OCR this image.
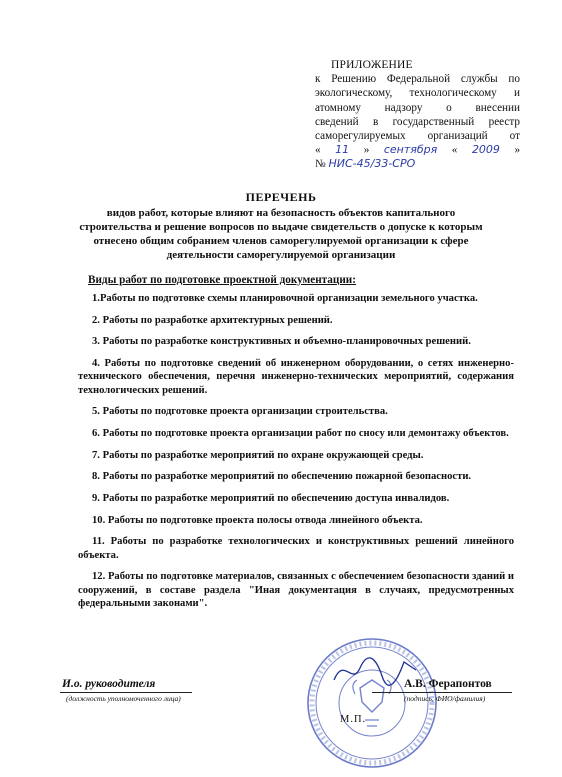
ПРИЛОЖЕНИЕ
к Решению Федеральной службы по
экологическому, технологическому и
атомному надзору о внесении
сведений в государственный реестр
саморегулируемых организаций от
« 11 » сентября « 2009 »
№ НИС-45/33-СРО
ПЕРЕЧЕНЬ
видов работ, которые влияют на безопасность объектов капитального
строительства и решение вопросов по выдаче свидетельств о допуске к которым
отнесено общим собранием членов саморегулируемой организации к сфере
деятельности саморегулируемой организации
Виды работ по подготовке проектной документации:

1.Работы по подготовке схемы планировочной организации земельного участка.

2. Работы по разработке архитектурных решений.

3. Работы по разработке конструктивных и объемно-планировочных решений.

4. Работы по подготовке сведений об инженерном оборудовании, о сетях инженерно-технического обеспечения, перечня инженерно-технических мероприятий, содержания технологических решений.

5. Работы по подготовке проекта организации строительства.

6. Работы по подготовке проекта организации работ по сносу или демонтажу объектов.

7. Работы по разработке мероприятий по охране окружающей среды.

8. Работы по разработке мероприятий по обеспечению пожарной безопасности.

9. Работы по разработке мероприятий по обеспечению доступа инвалидов.

10. Работы по подготовке проекта полосы отвода линейного объекта.

11. Работы по разработке технологических и конструктивных решений линейного объекта.

12. Работы по подготовке материалов, связанных с обеспечением безопасности зданий и сооружений, в составе раздела "Иная документация в случаях, предусмотренных федеральными законами".

И.о. руководителя
(должность уполномоченного лица)
А.В. Ферапонтов
(подпись, ФИО/фамилия)
М.П.
